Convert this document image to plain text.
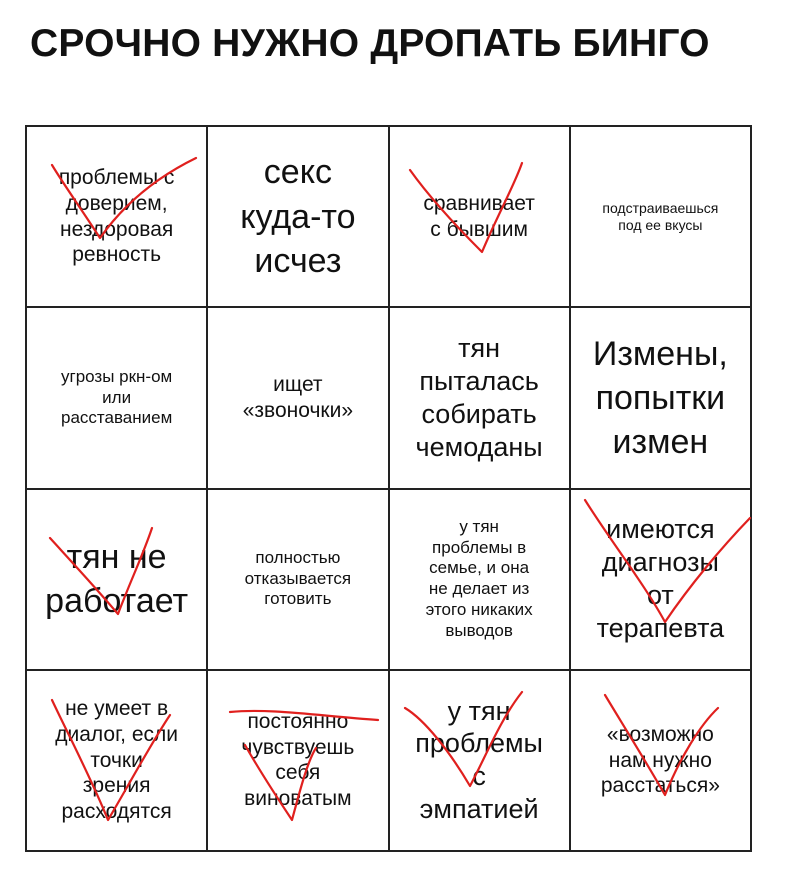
СРОЧНО НУЖНО ДРОПАТЬ БИНГО
проблемы с
доверием,
нездоровая
ревность
секс
куда-то
исчез
сравнивает
с бывшим
подстраиваешься
под ее вкусы
угрозы ркн-ом
или
расставанием
ищет
«звоночки»
тян
пыталась
собирать
чемоданы
Измены,
попытки
измен
тян не
работает
полностью
отказывается
готовить
у тян
проблемы в
семье, и она
не делает из
этого никаких
выводов
имеются
диагнозы
от
терапевта
не умеет в
диалог, если
точки
зрения
расходятся
постоянно
чувствуешь
себя
виноватым
у тян
проблемы
с
эмпатией
«возможно
нам нужно
расстаться»
